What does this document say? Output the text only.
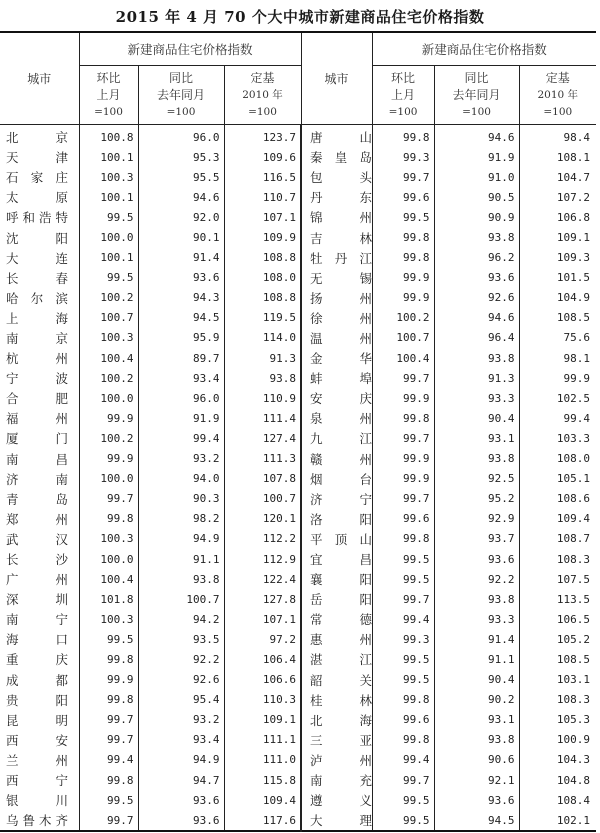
2015 年 4 月 70 个大中城市新建商品住宅价格指数
城市	新建商品住宅价格指数			城市	新建商品住宅价格指数		

环比
上月
=100

同比
去年同月
=100

定基
2010 年
=100

环比
上月
=100

同比
去年同月
=100

定基
2010 年
=100

北 京	100.8	96.0	123.7	唐 山	99.8	94.6	98.4

天 津	100.1	95.3	109.6	秦 皇 岛	99.3	91.9	108.1

石 家 庄	100.3	95.5	116.5	包 头	99.7	91.0	104.7

太 原	100.1	94.6	110.7	丹 东	99.6	90.5	107.2

呼 和 浩 特	99.5	92.0	107.1	锦 州	99.5	90.9	106.8

沈 阳	100.0	90.1	109.9	吉 林	99.8	93.8	109.1

大 连	100.1	91.4	108.8	牡 丹 江	99.8	96.2	109.3

长 春	99.5	93.6	108.0	无 锡	99.9	93.6	101.5

哈 尔 滨	100.2	94.3	108.8	扬 州	99.9	92.6	104.9

上 海	100.7	94.5	119.5	徐 州	100.2	94.6	108.5

南 京	100.3	95.9	114.0	温 州	100.7	96.4	75.6

杭 州	100.4	89.7	91.3	金 华	100.4	93.8	98.1

宁 波	100.2	93.4	93.8	蚌 埠	99.7	91.3	99.9

合 肥	100.0	96.0	110.9	安 庆	99.9	93.3	102.5

福 州	99.9	91.9	111.4	泉 州	99.8	90.4	99.4

厦 门	100.2	99.4	127.4	九 江	99.7	93.1	103.3

南 昌	99.9	93.2	111.3	赣 州	99.9	93.8	108.0

济 南	100.0	94.0	107.8	烟 台	99.9	92.5	105.1

青 岛	99.7	90.3	100.7	济 宁	99.7	95.2	108.6

郑 州	99.8	98.2	120.1	洛 阳	99.6	92.9	109.4

武 汉	100.3	94.9	112.2	平 顶 山	99.8	93.7	108.7

长 沙	100.0	91.1	112.9	宜 昌	99.5	93.6	108.3

广 州	100.4	93.8	122.4	襄 阳	99.5	92.2	107.5

深 圳	101.8	100.7	127.8	岳 阳	99.7	93.8	113.5

南 宁	100.3	94.2	107.1	常 德	99.4	93.3	106.5

海 口	99.5	93.5	97.2	惠 州	99.3	91.4	105.2

重 庆	99.8	92.2	106.4	湛 江	99.5	91.1	108.5

成 都	99.9	92.6	106.6	韶 关	99.5	90.4	103.1

贵 阳	99.8	95.4	110.3	桂 林	99.8	90.2	108.3

昆 明	99.7	93.2	109.1	北 海	99.6	93.1	105.3

西 安	99.7	93.4	111.1	三 亚	99.8	93.8	100.9

兰 州	99.4	94.9	111.0	泸 州	99.4	90.6	104.3

西 宁	99.8	94.7	115.8	南 充	99.7	92.1	104.8

银 川	99.5	93.6	109.4	遵 义	99.5	93.6	108.4

乌 鲁 木 齐	99.7	93.6	117.6	大 理	99.5	94.5	102.1
